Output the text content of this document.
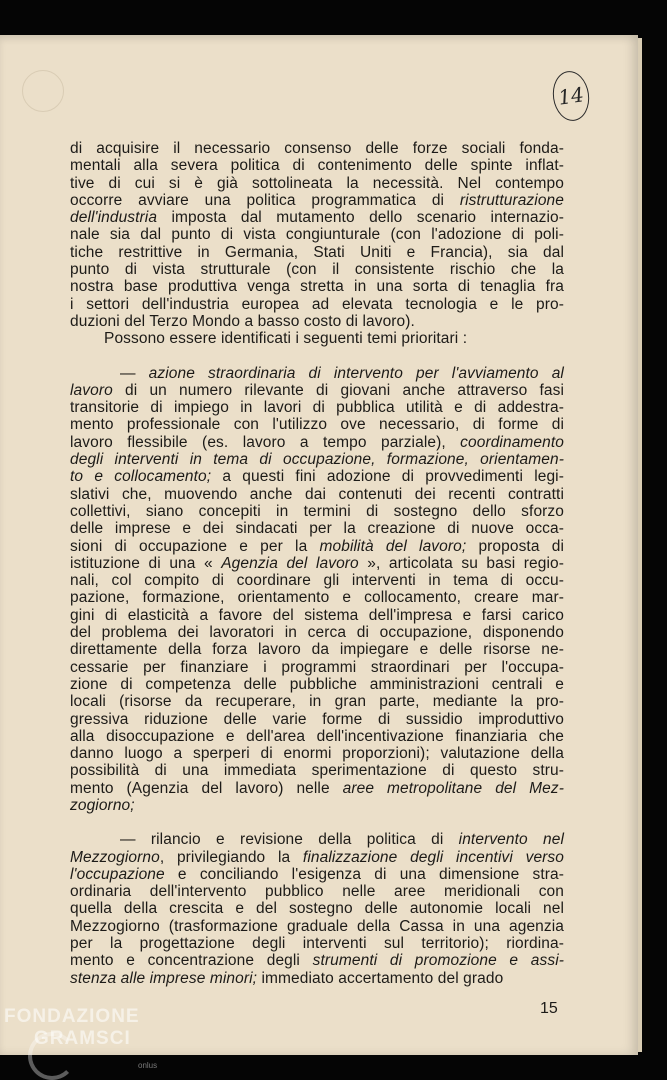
14
di acquisire il necessario consenso delle forze sociali fonda-
mentali alla severa politica di contenimento delle spinte inflat-
tive di cui si è già sottolineata la necessità. Nel contempo
occorre avviare una politica programmatica di ristrutturazione
dell'industria imposta dal mutamento dello scenario internazio-
nale sia dal punto di vista congiunturale (con l'adozione di poli-
tiche restrittive in Germania, Stati Uniti e Francia), sia dal
punto di vista strutturale (con il consistente rischio che la
nostra base produttiva venga stretta in una sorta di tenaglia fra
i settori dell'industria europea ad elevata tecnologia e le pro-
duzioni del Terzo Mondo a basso costo di lavoro).
Possono essere identificati i seguenti temi prioritari :
— azione straordinaria di intervento per l'avviamento al
lavoro di un numero rilevante di giovani anche attraverso fasi
transitorie di impiego in lavori di pubblica utilità e di addestra-
mento professionale con l'utilizzo ove necessario, di forme di
lavoro flessibile (es. lavoro a tempo parziale), coordinamento
degli interventi in tema di occupazione, formazione, orientamen-
to e collocamento; a questi fini adozione di provvedimenti legi-
slativi che, muovendo anche dai contenuti dei recenti contratti
collettivi, siano concepiti in termini di sostegno dello sforzo
delle imprese e dei sindacati per la creazione di nuove occa-
sioni di occupazione e per la mobilità del lavoro; proposta di
istituzione di una « Agenzia del lavoro », articolata su basi regio-
nali, col compito di coordinare gli interventi in tema di occu-
pazione, formazione, orientamento e collocamento, creare mar-
gini di elasticità a favore del sistema dell'impresa e farsi carico
del problema dei lavoratori in cerca di occupazione, disponendo
direttamente della forza lavoro da impiegare e delle risorse ne-
cessarie per finanziare i programmi straordinari per l'occupa-
zione di competenza delle pubbliche amministrazioni centrali e
locali (risorse da recuperare, in gran parte, mediante la pro-
gressiva riduzione delle varie forme di sussidio improduttivo
alla disoccupazione e dell'area dell'incentivazione finanziaria che
danno luogo a sperperi di enormi proporzioni); valutazione della
possibilità di una immediata sperimentazione di questo stru-
mento (Agenzia del lavoro) nelle aree metropolitane del Mez-
zogiorno;
— rilancio e revisione della politica di intervento nel
Mezzogiorno, privilegiando la finalizzazione degli incentivi verso
l'occupazione e conciliando l'esigenza di una dimensione stra-
ordinaria dell'intervento pubblico nelle aree meridionali con
quella della crescita e del sostegno delle autonomie locali nel
Mezzogiorno (trasformazione graduale della Cassa in una agenzia
per la progettazione degli interventi sul territorio); riordina-
mento e concentrazione degli strumenti di promozione e assi-
stenza alle imprese minori; immediato accertamento del grado
15
FONDAZIONE
GRAMSCI
onlus
